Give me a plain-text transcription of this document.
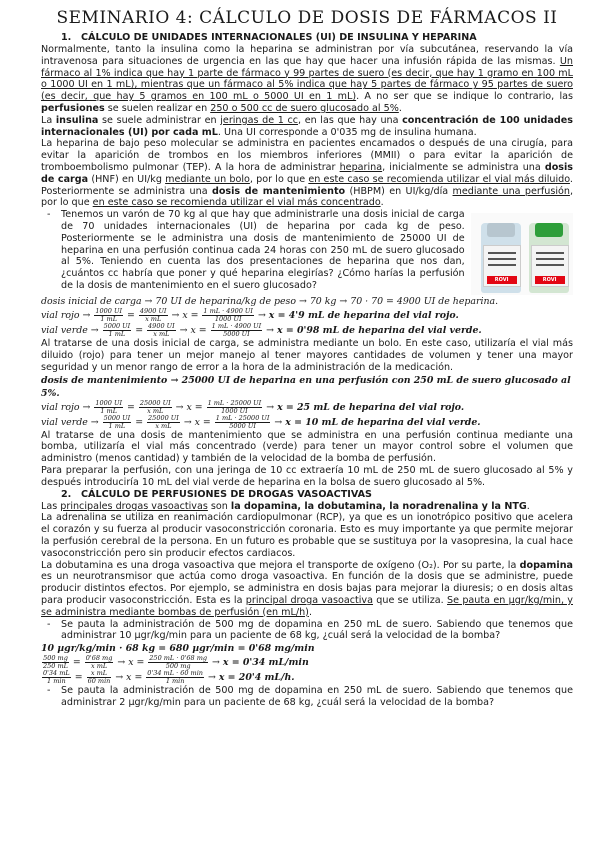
SEMINARIO 4: CÁLCULO DE DOSIS DE FÁRMACOS II
1. CÁLCULO DE UNIDADES INTERNACIONALES (UI) DE INSULINA Y HEPARINA

Normalmente, tanto la insulina como la heparina se administran por vía subcutánea, reservando la vía intravenosa para situaciones de urgencia en las que hay que hacer una infusión rápida de las mismas. Un fármaco al 1% indica que hay 1 parte de fármaco y 99 partes de suero (es decir, que hay 1 gramo en 100 mL o 1000 UI en 1 mL), mientras que un fármaco al 5% indica que hay 5 partes de fármaco y 95 partes de suero (es decir, que hay 5 gramos en 100 mL o 5000 UI en 1 mL). A no ser que se indique lo contrario, las perfusiones se suelen realizar en 250 o 500 cc de suero glucosado al 5%.

La insulina se suele administrar en jeringas de 1 cc, en las que hay una concentración de 100 unidades internacionales (UI) por cada mL. Una UI corresponde a 0'035 mg de insulina humana.

La heparina de bajo peso molecular se administra en pacientes encamados o después de una cirugía, para evitar la aparición de trombos en los miembros inferiores (MMII) o para evitar la aparición de tromboembolismo pulmonar (TEP). A la hora de administrar heparina, inicialmente se administra una dosis de carga (HNF) en UI/kg mediante un bolo, por lo que en este caso se recomienda utilizar el vial más diluido. Posteriormente se administra una dosis de mantenimiento (HBPM) en UI/kg/día mediante una perfusión, por lo que en este caso se recomienda utilizar el vial más concentrado.

- Tenemos un varón de 70 kg al que hay que administrarle una dosis inicial de carga de 70 unidades internacionales (UI) de heparina por cada kg de peso. Posteriormente se le administra una dosis de mantenimiento de 25000 UI de heparina en una perfusión continua cada 24 horas con 250 mL de suero glucosado al 5%. Teniendo en cuenta las dos presentaciones de heparina que nos dan, ¿cuántos cc habría que poner y qué heparina elegirías? ¿Cómo harías la perfusión de la dosis de mantenimiento en el suero glucosado?	ROVI	ROVI
dosis inicial de carga → 70 UI de heparina/kg de peso → 70 kg → 70 · 70 = 4900 UI de heparina.
vial rojo → $\frac{1000 UI}{1 mL} = \frac{4900 UI}{\text{x mL}} \to x = \frac{1 mL \cdot 4900 UI}{1000 UI} \to x = 4'9$ mL de heparina del vial rojo.
vial verde → $\frac{5000 UI}{1 mL} = \frac{4900 UI}{\text{x mL}} \to x = \frac{1 mL \cdot 4900 UI}{5000 UI} \to x = 0'98$ mL de heparina del vial verde.

Al tratarse de una dosis inicial de carga, se administra mediante un bolo. En este caso, utilizaría el vial más diluido (rojo) para tener un mejor manejo al tener mayores cantidades de volumen y tener una mayor seguridad y un menor rango de error a la hora de la administración de la medicación.

dosis de mantenimiento → 25000 UI de heparina en una perfusión con 250 mL de suero glucosado al 5%.
vial rojo → $\frac{1000 UI}{1 mL} = \frac{25000 UI}{\text{x mL}} \to x = \frac{1 mL \cdot 25000 UI}{1000 UI} \to x = 25$ mL de heparina del vial rojo.
vial verde → $\frac{5000 UI}{1 mL} = \frac{25000 UI}{\text{x mL}} \to x = \frac{1 mL \cdot 25000 UI}{5000 UI} \to x = 10$ mL de heparina del vial verde.

Al tratarse de una dosis de mantenimiento que se administra en una perfusión continua mediante una bomba, utilizaría el vial más concentrado (verde) para tener un mayor control sobre el volumen que administro (menos cantidad) y también de la velocidad de la bomba de perfusión.

Para preparar la perfusión, con una jeringa de 10 cc extraería 10 mL de 250 mL de suero glucosado al 5% y después introduciría 10 mL del vial verde de heparina en la bolsa de suero glucosado al 5%.

2. CÁLCULO DE PERFUSIONES DE DROGAS VASOACTIVAS

Las principales drogas vasoactivas son la dopamina, la dobutamina, la noradrenalina y la NTG.

La adrenalina se utiliza en reanimación cardiopulmonar (RCP), ya que es un ionotrópico positivo que acelera el corazón y su fuerza al producir vasoconstricción coronaria. Esto es muy importante ya que permite mejorar la perfusión cerebral de la persona. En un futuro es probable que se sustituya por la vasopresina, la cual hace vasoconstricción pero sin producir efectos cardiacos.

La dobutamina es una droga vasoactiva que mejora el transporte de oxígeno (O₂). Por su parte, la dopamina es un neurotransmisor que actúa como droga vasoactiva. En función de la dosis que se administre, puede producir distintos efectos. Por ejemplo, se administra en dosis bajas para mejorar la diuresis; o en dosis altas para producir vasoconstricción. Esta es la principal droga vasoactiva que se utiliza. Se pauta en µgr/kg/min, y se administra mediante bombas de perfusión (en mL/h).

- Se pauta la administración de 500 mg de dopamina en 250 mL de suero. Sabiendo que tenemos que administrar 10 µgr/kg/min para un paciente de 68 kg, ¿cuál será la velocidad de la bomba?

10 µgr/kg/min · 68 kg = 680 µgr/min = 0'68 mg/min
$\frac{500 mg}{250 mL} = \frac{0'68 mg}{\text{x mL}} \to x = \frac{250 mL \cdot 0'68 mg}{500 mg} \to x = 0'34$ mL/min
$\frac{0'34 mL}{1 \min} = \frac{\text{x mL}}{60 \min} \to x = \frac{0'34 mL \cdot 60 \min}{1 \min} \to x = 20'4$ mL/h.

- Se pauta la administración de 500 mg de dopamina en 250 mL de suero. Sabiendo que tenemos que administrar 2 µgr/kg/min para un paciente de 68 kg, ¿cuál será la velocidad de la bomba?
